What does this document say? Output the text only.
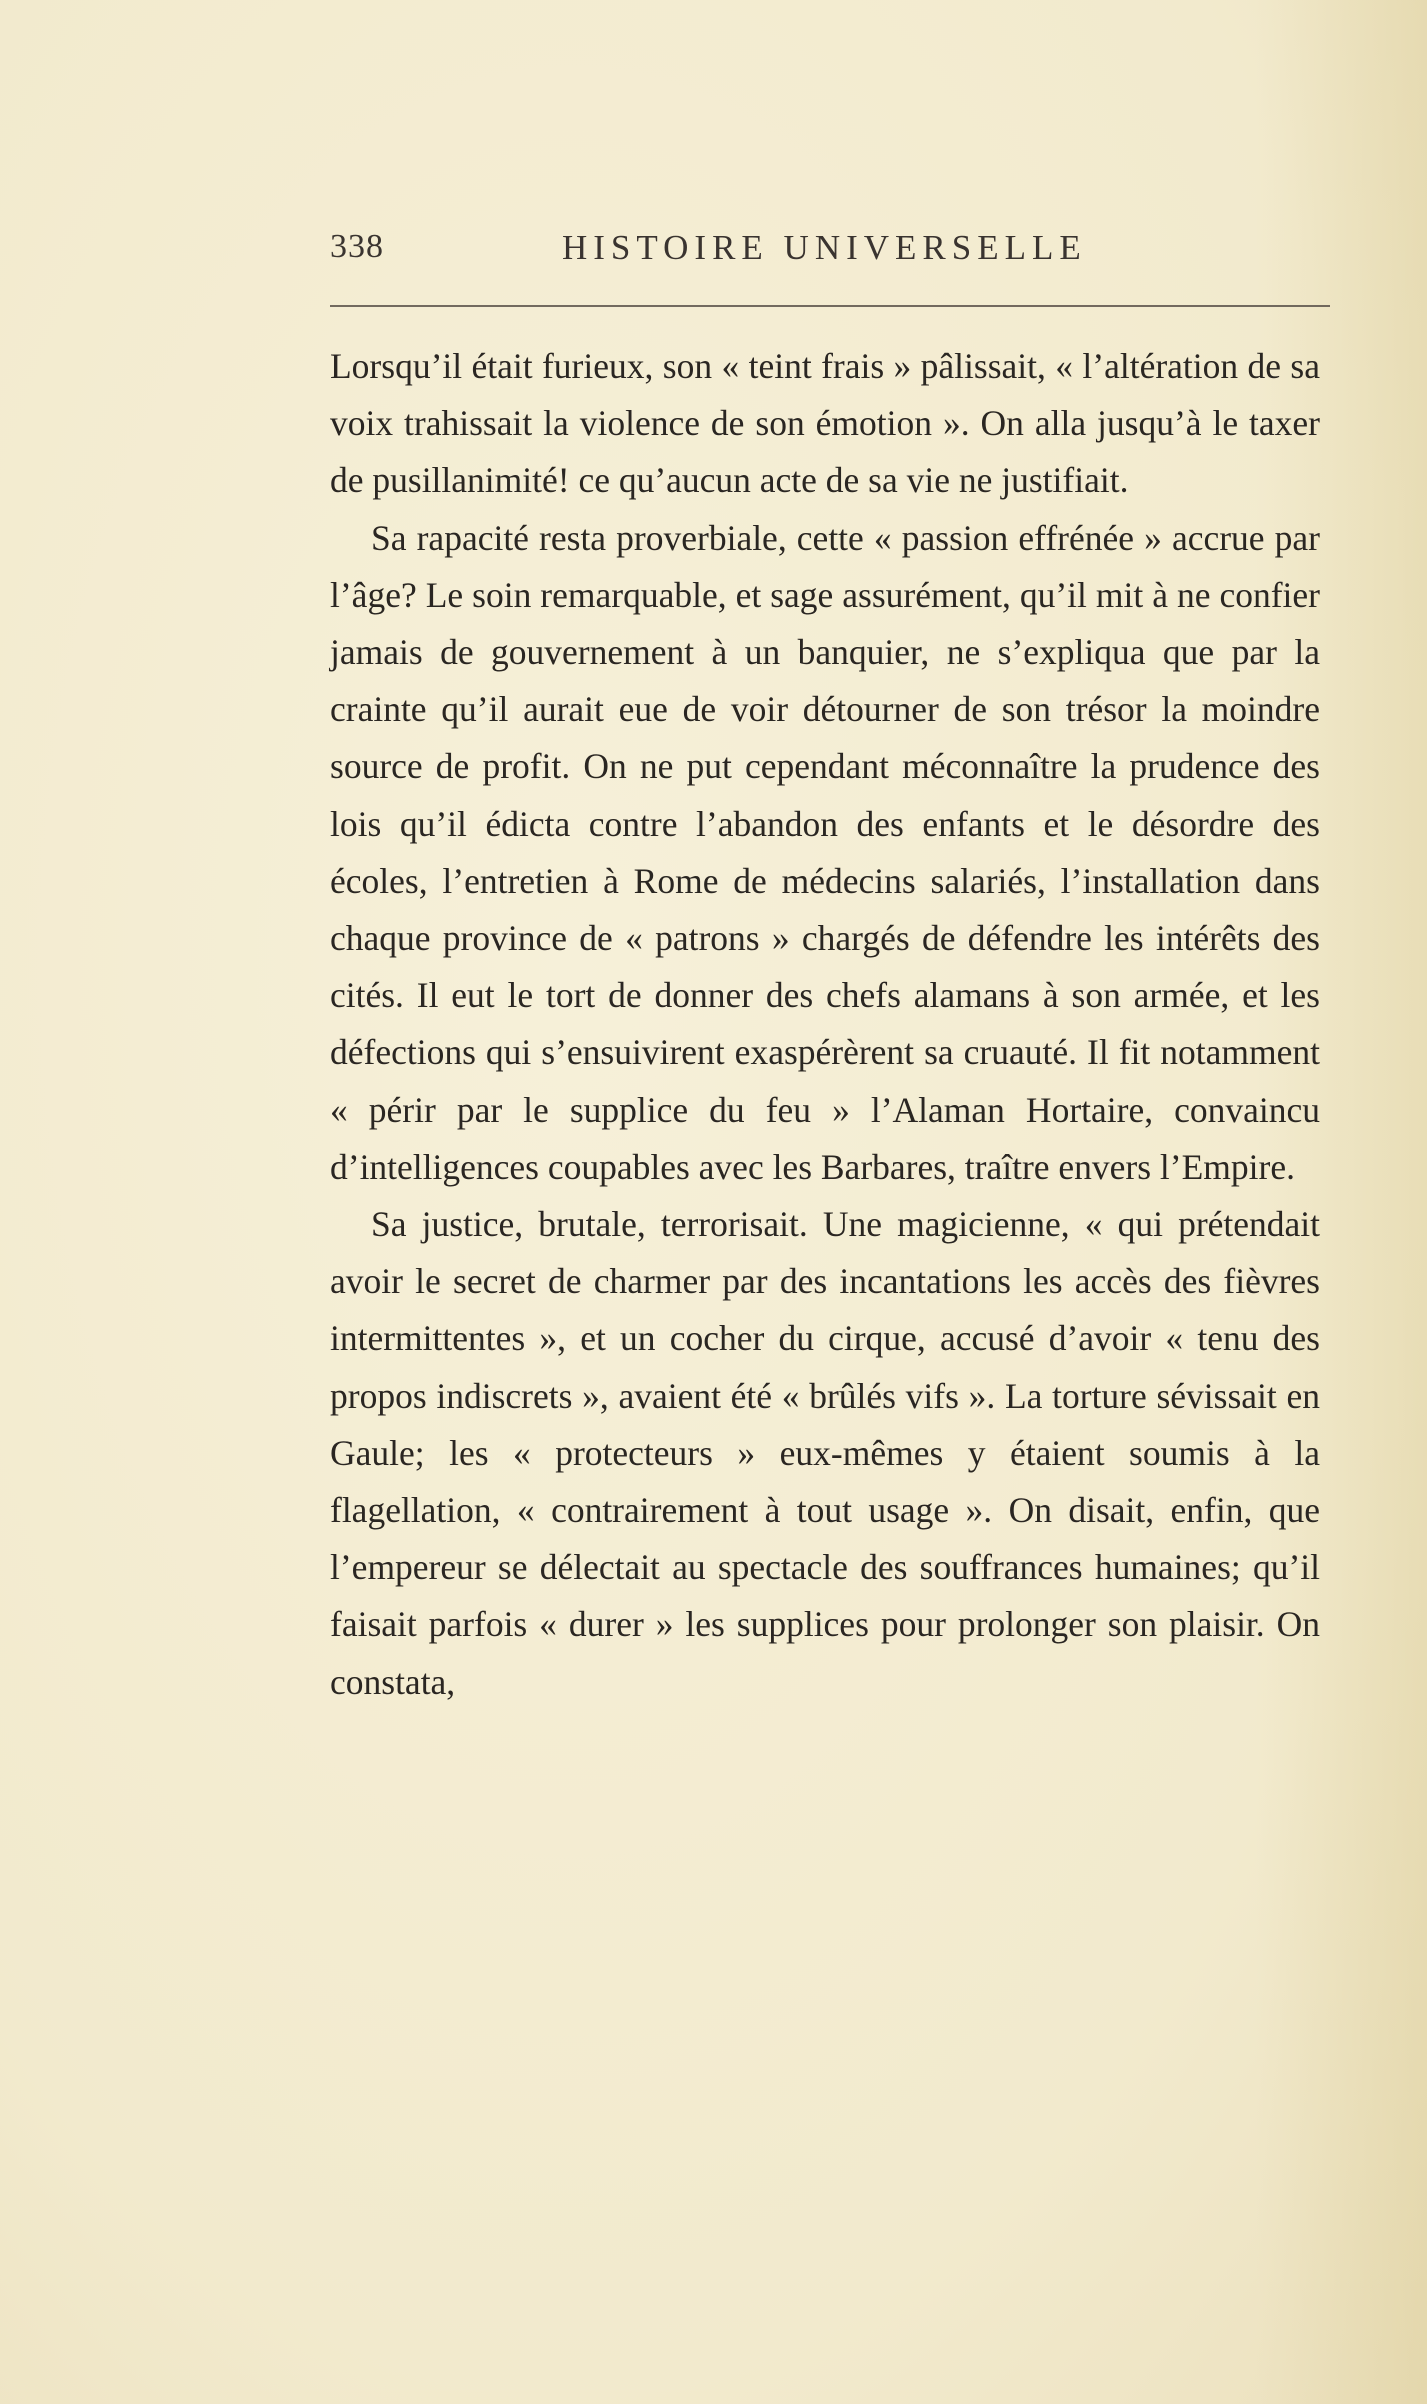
338	HISTOIRE UNIVERSELLE

Lorsqu’il était furieux, son « teint frais » pâlissait, « l’altération de sa voix trahissait la violence de son émotion ». On alla jusqu’à le taxer de pusillanimité! ce qu’aucun acte de sa vie ne justifiait.

Sa rapacité resta proverbiale, cette « passion effrénée » accrue par l’âge? Le soin remarquable, et sage assurément, qu’il mit à ne confier jamais de gouvernement à un banquier, ne s’expliqua que par la crainte qu’il aurait eue de voir détourner de son trésor la moindre source de profit. On ne put cependant méconnaître la prudence des lois qu’il édicta contre l’abandon des enfants et le désordre des écoles, l’entretien à Rome de médecins salariés, l’installation dans chaque province de « patrons » chargés de défendre les intérêts des cités. Il eut le tort de donner des chefs alamans à son armée, et les défections qui s’ensuivirent exaspérèrent sa cruauté. Il fit notamment « périr par le supplice du feu » l’Alaman Hortaire, convaincu d’intelligences coupables avec les Barbares, traître envers l’Empire.

Sa justice, brutale, terrorisait. Une magicienne, « qui prétendait avoir le secret de charmer par des incantations les accès des fièvres intermittentes », et un cocher du cirque, accusé d’avoir « tenu des propos indiscrets », avaient été « brûlés vifs ». La torture sévissait en Gaule; les « protecteurs » eux-mêmes y étaient soumis à la flagellation, « contrairement à tout usage ». On disait, enfin, que l’empereur se délectait au spectacle des souffrances humaines; qu’il faisait parfois « durer » les supplices pour prolonger son plaisir. On constata,
